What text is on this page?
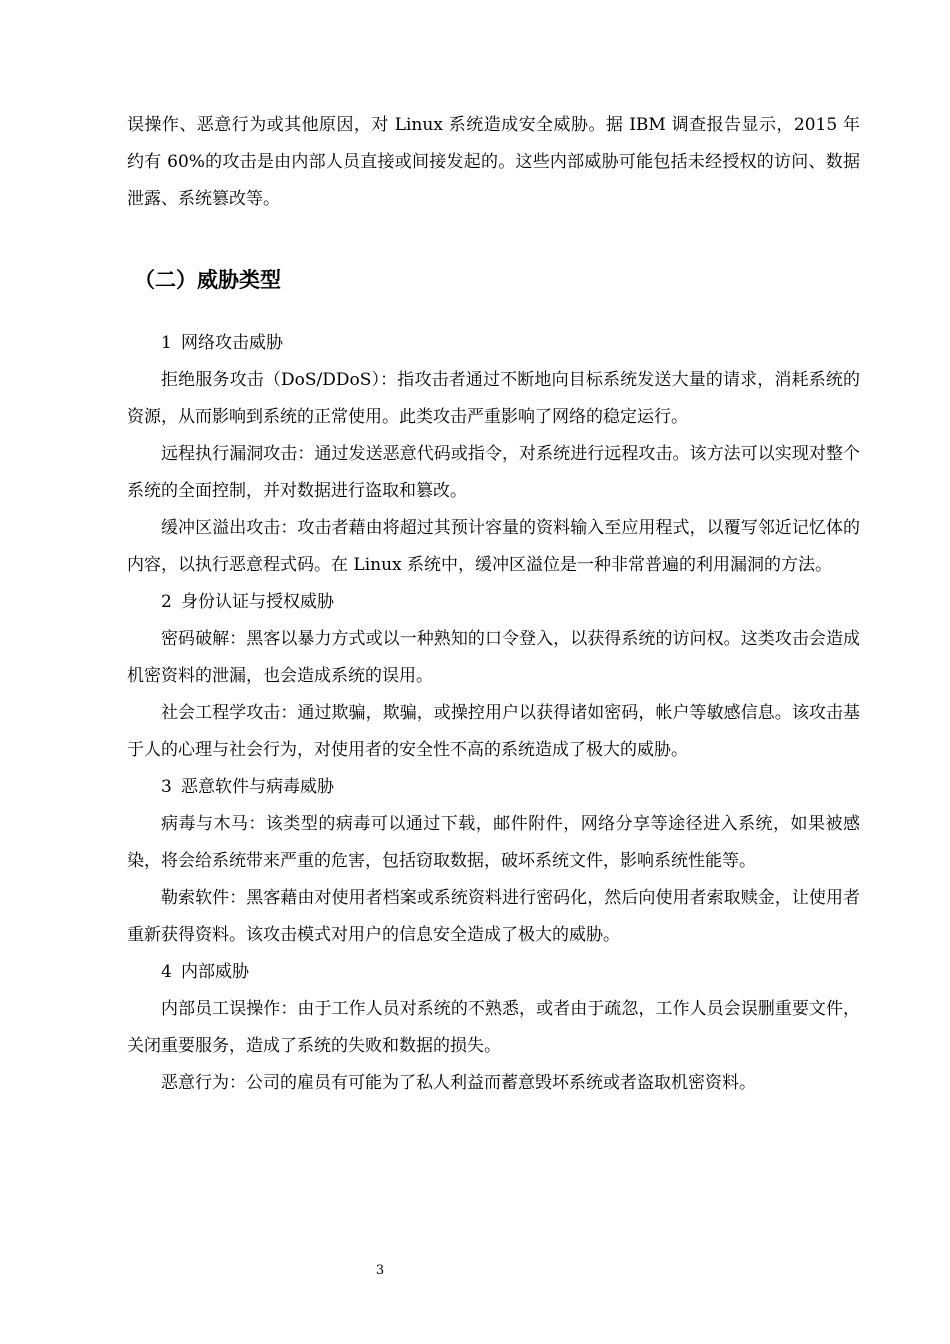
误操作、恶意行为或其他原因，对 Linux 系统造成安全威胁。据 IBM 调查报告显示，2015 年约有 60%的攻击是由内部人员直接或间接发起的。这些内部威胁可能包括未经授权的访问、数据泄露、系统篡改等。

（二）威胁类型
1 网络攻击威胁

拒绝服务攻击（DoS/DDoS）：指攻击者通过不断地向目标系统发送大量的请求，消耗系统的资源，从而影响到系统的正常使用。此类攻击严重影响了网络的稳定运行。

远程执行漏洞攻击：通过发送恶意代码或指令，对系统进行远程攻击。该方法可以实现对整个系统的全面控制，并对数据进行盗取和篡改。

缓冲区溢出攻击：攻击者藉由将超过其预计容量的资料输入至应用程式，以覆写邻近记忆体的内容，以执行恶意程式码。在 Linux 系统中，缓冲区溢位是一种非常普遍的利用漏洞的方法。

2 身份认证与授权威胁

密码破解：黑客以暴力方式或以一种熟知的口令登入，以获得系统的访问权。这类攻击会造成机密资料的泄漏，也会造成系统的误用。

社会工程学攻击：通过欺骗，欺骗，或操控用户以获得诸如密码，帐户等敏感信息。该攻击基于人的心理与社会行为，对使用者的安全性不高的系统造成了极大的威胁。

3 恶意软件与病毒威胁

病毒与木马：该类型的病毒可以通过下载，邮件附件，网络分享等途径进入系统，如果被感染，将会给系统带来严重的危害，包括窃取数据，破坏系统文件，影响系统性能等。

勒索软件：黑客藉由对使用者档案或系统资料进行密码化，然后向使用者索取赎金，让使用者重新获得资料。该攻击模式对用户的信息安全造成了极大的威胁。

4 内部威胁

内部员工误操作：由于工作人员对系统的不熟悉，或者由于疏忽，工作人员会误删重要文件，关闭重要服务，造成了系统的失败和数据的损失。

恶意行为：公司的雇员有可能为了私人利益而蓄意毁坏系统或者盗取机密资料。

3
